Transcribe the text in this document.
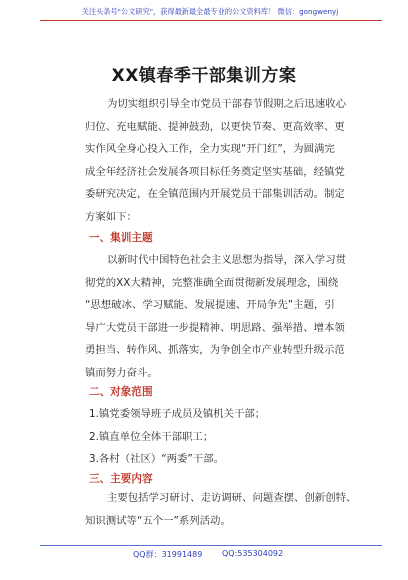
关注头条号"公文研究"，获得最新最全最专业的公文资料库！ 微信：gongwenyj
XX镇春季干部集训方案
为切实组织引导全市党员干部春节假期之后迅速收心
归位、充电赋能、提神鼓劲，以更快节奏、更高效率、更
实作风全身心投入工作，全力实现“开门红”，为圆满完
成全年经济社会发展各项目标任务奠定坚实基础，经镇党
委研究决定，在全镇范围内开展党员干部集训活动。制定
方案如下：
一、集训主题
以新时代中国特色社会主义思想为指导，深入学习贯
彻党的XX大精神，完整准确全面贯彻新发展理念，围绕
“思想破冰、学习赋能、发展提速、开局争先”主题，引
导广大党员干部进一步提精神、明思路、强举措、增本领
勇担当、转作风、抓落实，为争创全市产业转型升级示范
镇而努力奋斗。
二、对象范围
1.镇党委领导班子成员及镇机关干部；
2.镇直单位全体干部职工；
3.各村（社区）“两委”干部。
三、主要内容
主要包括学习研讨、走访调研、问题查摆、创新创特、
知识测试等“五个一”系列活动。
QQ群：31991489 QQ:535304092
